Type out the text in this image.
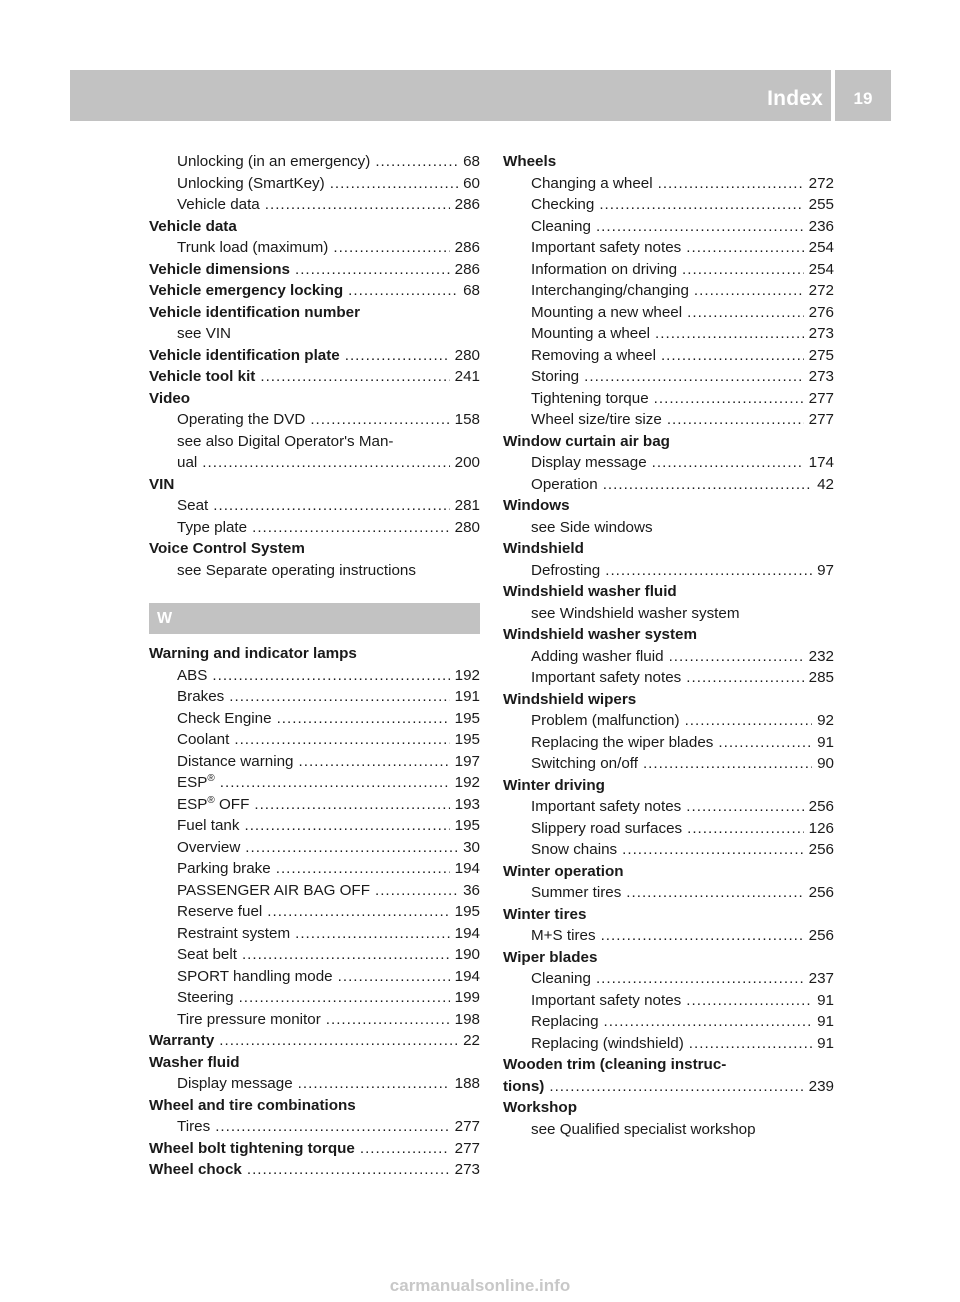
Index	19
Unlocking (in an emergency) .....	68
Unlocking (SmartKey) .....	60
Vehicle data .....	286
Vehicle data
Trunk load (maximum) .....	286
Vehicle dimensions .....	286
Vehicle emergency locking .....	68
Vehicle identification number
see VIN
Vehicle identification plate .....	280
Vehicle tool kit .....	241
Video
Operating the DVD .....	158
see also Digital Operator's Man-
ual .....	200
VIN
Seat .....	281
Type plate .....	280
Voice Control System
see Separate operating instructions
W
Warning and indicator lamps
ABS .....	192
Brakes .....	191
Check Engine .....	195
Coolant .....	195
Distance warning .....	197
ESP® .....	192
ESP® OFF .....	193
Fuel tank .....	195
Overview .....	30
Parking brake .....	194
PASSENGER AIR BAG OFF .....	36
Reserve fuel .....	195
Restraint system .....	194
Seat belt .....	190
SPORT handling mode .....	194
Steering .....	199
Tire pressure monitor .....	198
Warranty .....	22
Washer fluid
Display message .....	188
Wheel and tire combinations
Tires .....	277
Wheel bolt tightening torque .....	277
Wheel chock .....	273
Wheels
Changing a wheel .....	272
Checking .....	255
Cleaning .....	236
Important safety notes .....	254
Information on driving .....	254
Interchanging/changing .....	272
Mounting a new wheel .....	276
Mounting a wheel .....	273
Removing a wheel .....	275
Storing .....	273
Tightening torque .....	277
Wheel size/tire size .....	277
Window curtain air bag
Display message .....	174
Operation .....	42
Windows
see Side windows
Windshield
Defrosting .....	97
Windshield washer fluid
see Windshield washer system
Windshield washer system
Adding washer fluid .....	232
Important safety notes .....	285
Windshield wipers
Problem (malfunction) .....	92
Replacing the wiper blades .....	91
Switching on/off .....	90
Winter driving
Important safety notes .....	256
Slippery road surfaces .....	126
Snow chains .....	256
Winter operation
Summer tires .....	256
Winter tires
M+S tires .....	256
Wiper blades
Cleaning .....	237
Important safety notes .....	91
Replacing .....	91
Replacing (windshield) .....	91
Wooden trim (cleaning instruc-
tions) .....	239
Workshop
see Qualified specialist workshop
carmanualsonline.info
